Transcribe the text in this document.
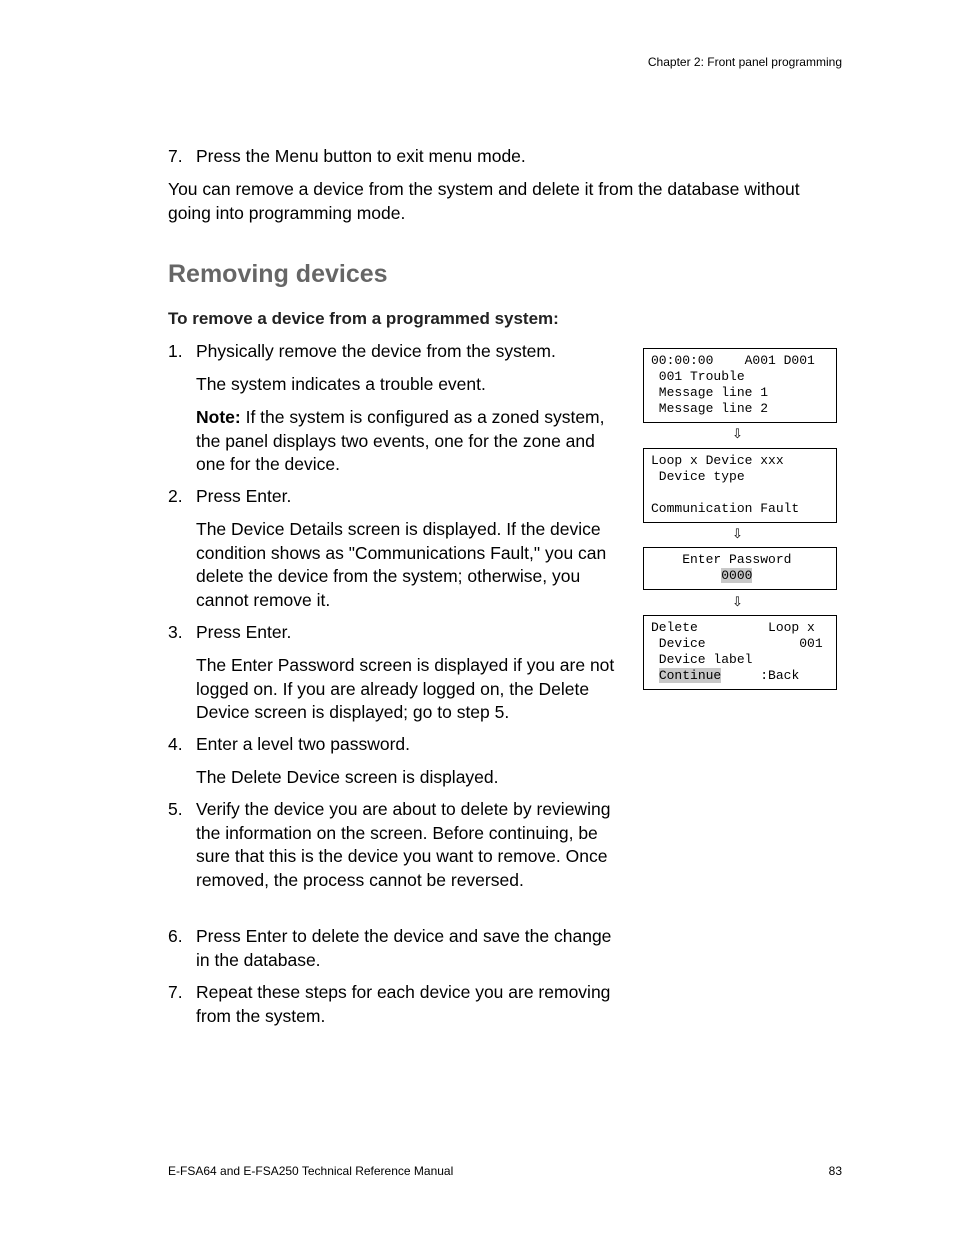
Chapter 2: Front panel programming
7. Press the Menu button to exit menu mode.
You can remove a device from the system and delete it from the database without going into programming mode.
Removing devices
To remove a device from a programmed system:
1. Physically remove the device from the system.
The system indicates a trouble event.
Note: If the system is configured as a zoned system, the panel displays two events, one for the zone and one for the device.
2. Press Enter.
The Device Details screen is displayed. If the device condition shows as "Communications Fault," you can delete the device from the system; otherwise, you cannot remove it.
3. Press Enter.
The Enter Password screen is displayed if you are not logged on. If you are already logged on, the Delete Device screen is displayed; go to step 5.
4. Enter a level two password.
The Delete Device screen is displayed.
5. Verify the device you are about to delete by reviewing the information on the screen. Before continuing, be sure that this is the device you want to remove. Once removed, the process cannot be reversed.
6. Press Enter to delete the device and save the change in the database.
7. Repeat these steps for each device you are removing from the system.
00:00:00    A001 D001
001 Trouble
Message line 1
Message line 2
⇩
Loop x Device xxx
Device type
Communication Fault
⇩
Enter Password
0000
⇩
Delete         Loop x
Device            001
Device label
Continue     :Back
E-FSA64 and E-FSA250 Technical Reference Manual	83
